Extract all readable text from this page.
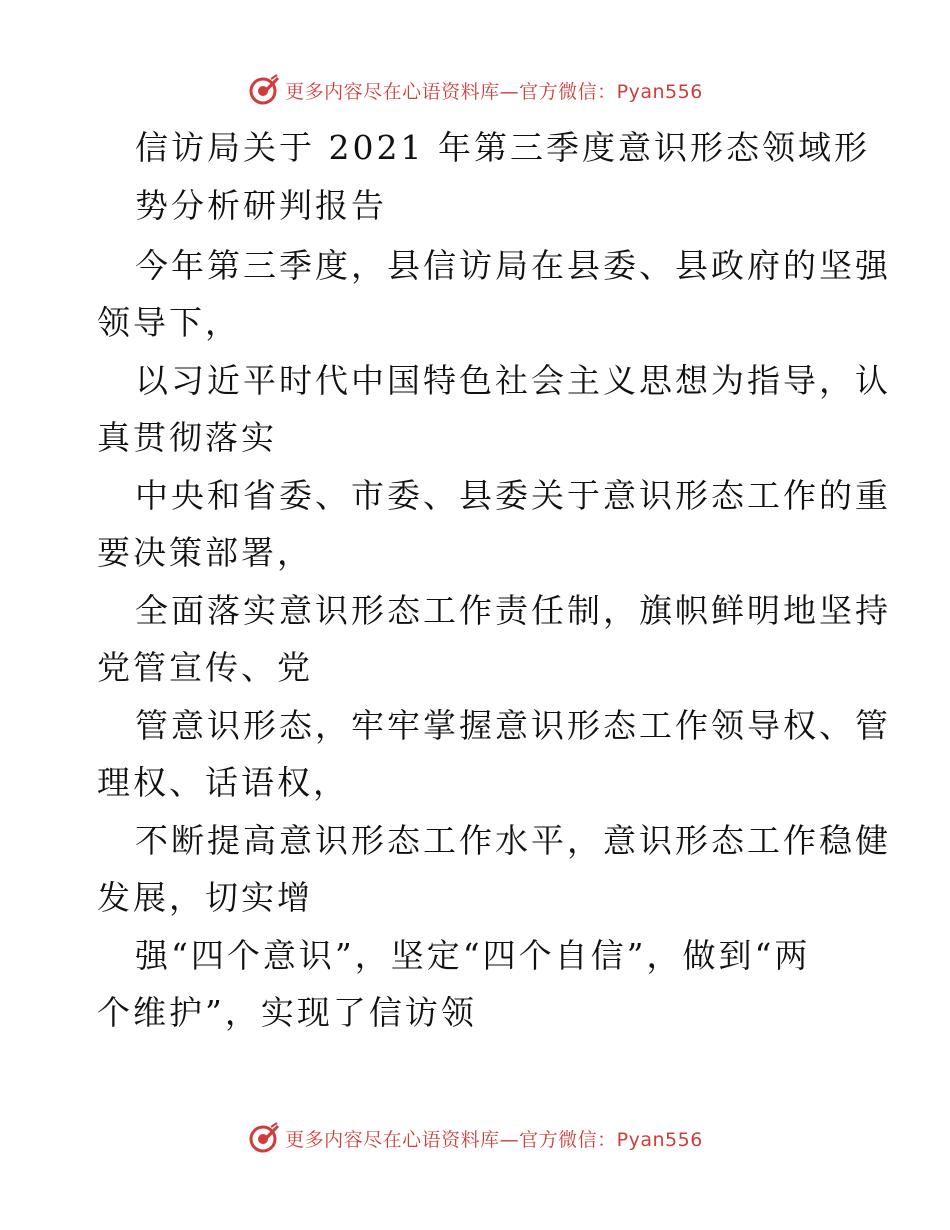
更多内容尽在心语资料库—官方微信：Pyan556
信访局关于 2021 年第三季度意识形态领域形
势分析研判报告
今年第三季度，县信访局在县委、县政府的坚强
领导下，
以习近平时代中国特色社会主义思想为指导，认
真贯彻落实
中央和省委、市委、县委关于意识形态工作的重
要决策部署，
全面落实意识形态工作责任制，旗帜鲜明地坚持
党管宣传、党
管意识形态，牢牢掌握意识形态工作领导权、管
理权、话语权，
不断提高意识形态工作水平，意识形态工作稳健
发展，切实增
强“四个意识”，坚定“四个自信”，做到“两
个维护”，实现了信访领
更多内容尽在心语资料库—官方微信：Pyan556
